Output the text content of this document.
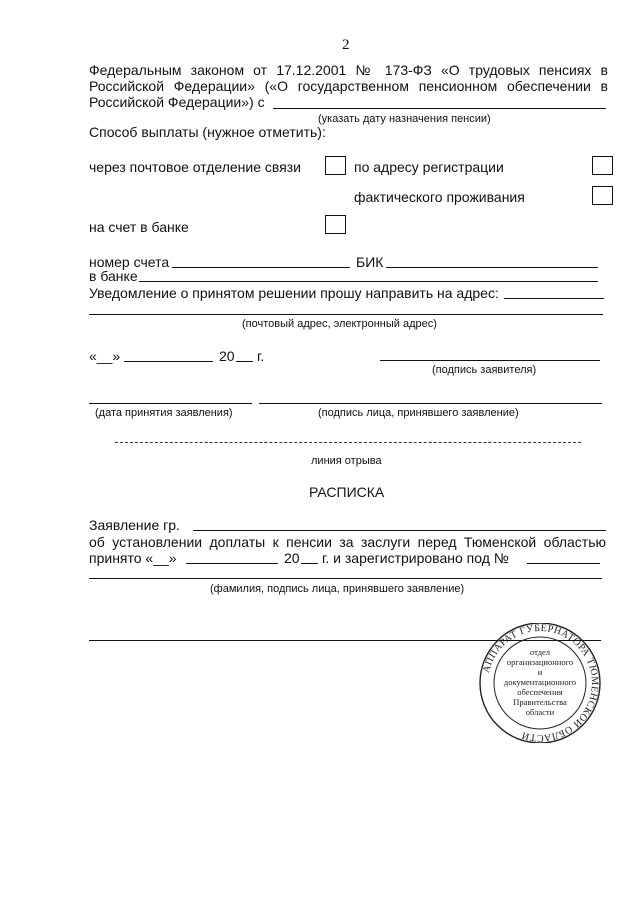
2
Федеральным законом от 17.12.2001 № 173-ФЗ «О трудовых пенсиях в
Российской Федерации» («О государственном пенсионном обеспечении в
Российской Федерации») с
(указать дату назначения пенсии)
Способ выплаты (нужное отметить):
через почтовое отделение связи	по адресу регистрации
фактического проживания
на счет в банке
номер счета	БИК
в банке
Уведомление о принятом решении прошу направить на адрес:
(почтовый адрес, электронный адрес)
«__»	20 г.
(подпись заявителя)
(дата принятия заявления)	(подпись лица, принявшего заявление)
линия отрыва
РАСПИСКА
Заявление гр.
об установлении доплаты к пенсии за заслуги перед Тюменской областью
принято «__»	20 г. и зарегистрировано под №
(фамилия, подпись лица, принявшего заявление)
АППАРАТ ГУБЕРНАТОРА ТЮМЕНСКОЙ ОБЛАСТИ
отдел
организационного
и
документационного
обеспечения
Правительства
области
